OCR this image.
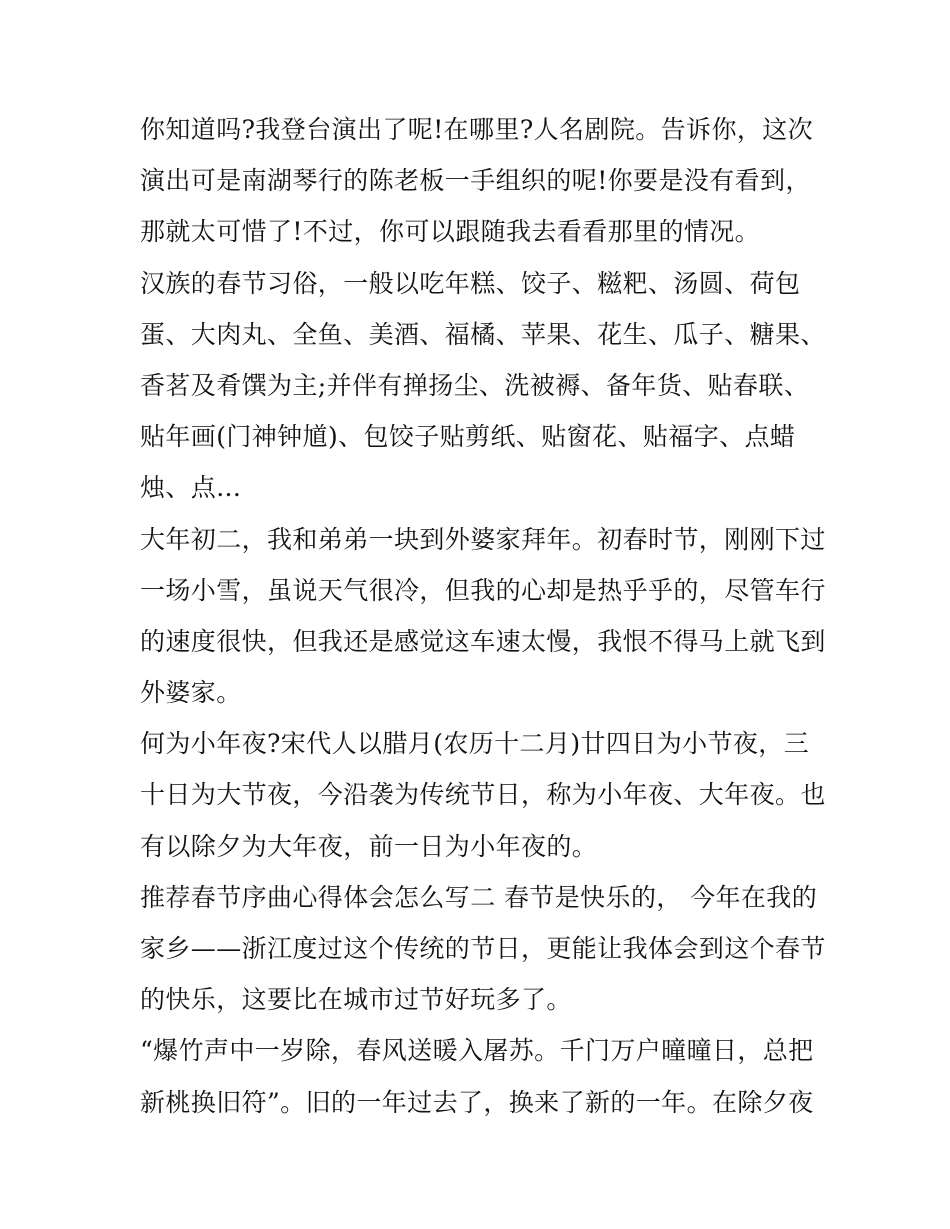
你知道吗?我登台演出了呢!在哪里?人名剧院。告诉你，这次
演出可是南湖琴行的陈老板一手组织的呢!你要是没有看到，
那就太可惜了!不过，你可以跟随我去看看那里的情况。

汉族的春节习俗，一般以吃年糕、饺子、糍粑、汤圆、荷包
蛋、大肉丸、全鱼、美酒、福橘、苹果、花生、瓜子、糖果、
香茗及肴馔为主;并伴有掸扬尘、洗被褥、备年货、贴春联、
贴年画(门神钟馗)、包饺子贴剪纸、贴窗花、贴福字、点蜡
烛、点...

大年初二，我和弟弟一块到外婆家拜年。初春时节，刚刚下过
一场小雪，虽说天气很冷，但我的心却是热乎乎的，尽管车行
的速度很快，但我还是感觉这车速太慢，我恨不得马上就飞到
外婆家。

何为小年夜?宋代人以腊月(农历十二月)廿四日为小节夜，三
十日为大节夜，今沿袭为传统节日，称为小年夜、大年夜。也
有以除夕为大年夜，前一日为小年夜的。

推荐春节序曲心得体会怎么写二 春节是快乐的， 今年在我的
家乡——浙江度过这个传统的节日，更能让我体会到这个春节
的快乐，这要比在城市过节好玩多了。

“爆竹声中一岁除，春风送暖入屠苏。千门万户曈曈日，总把
新桃换旧符”。旧的一年过去了，换来了新的一年。在除夕夜
